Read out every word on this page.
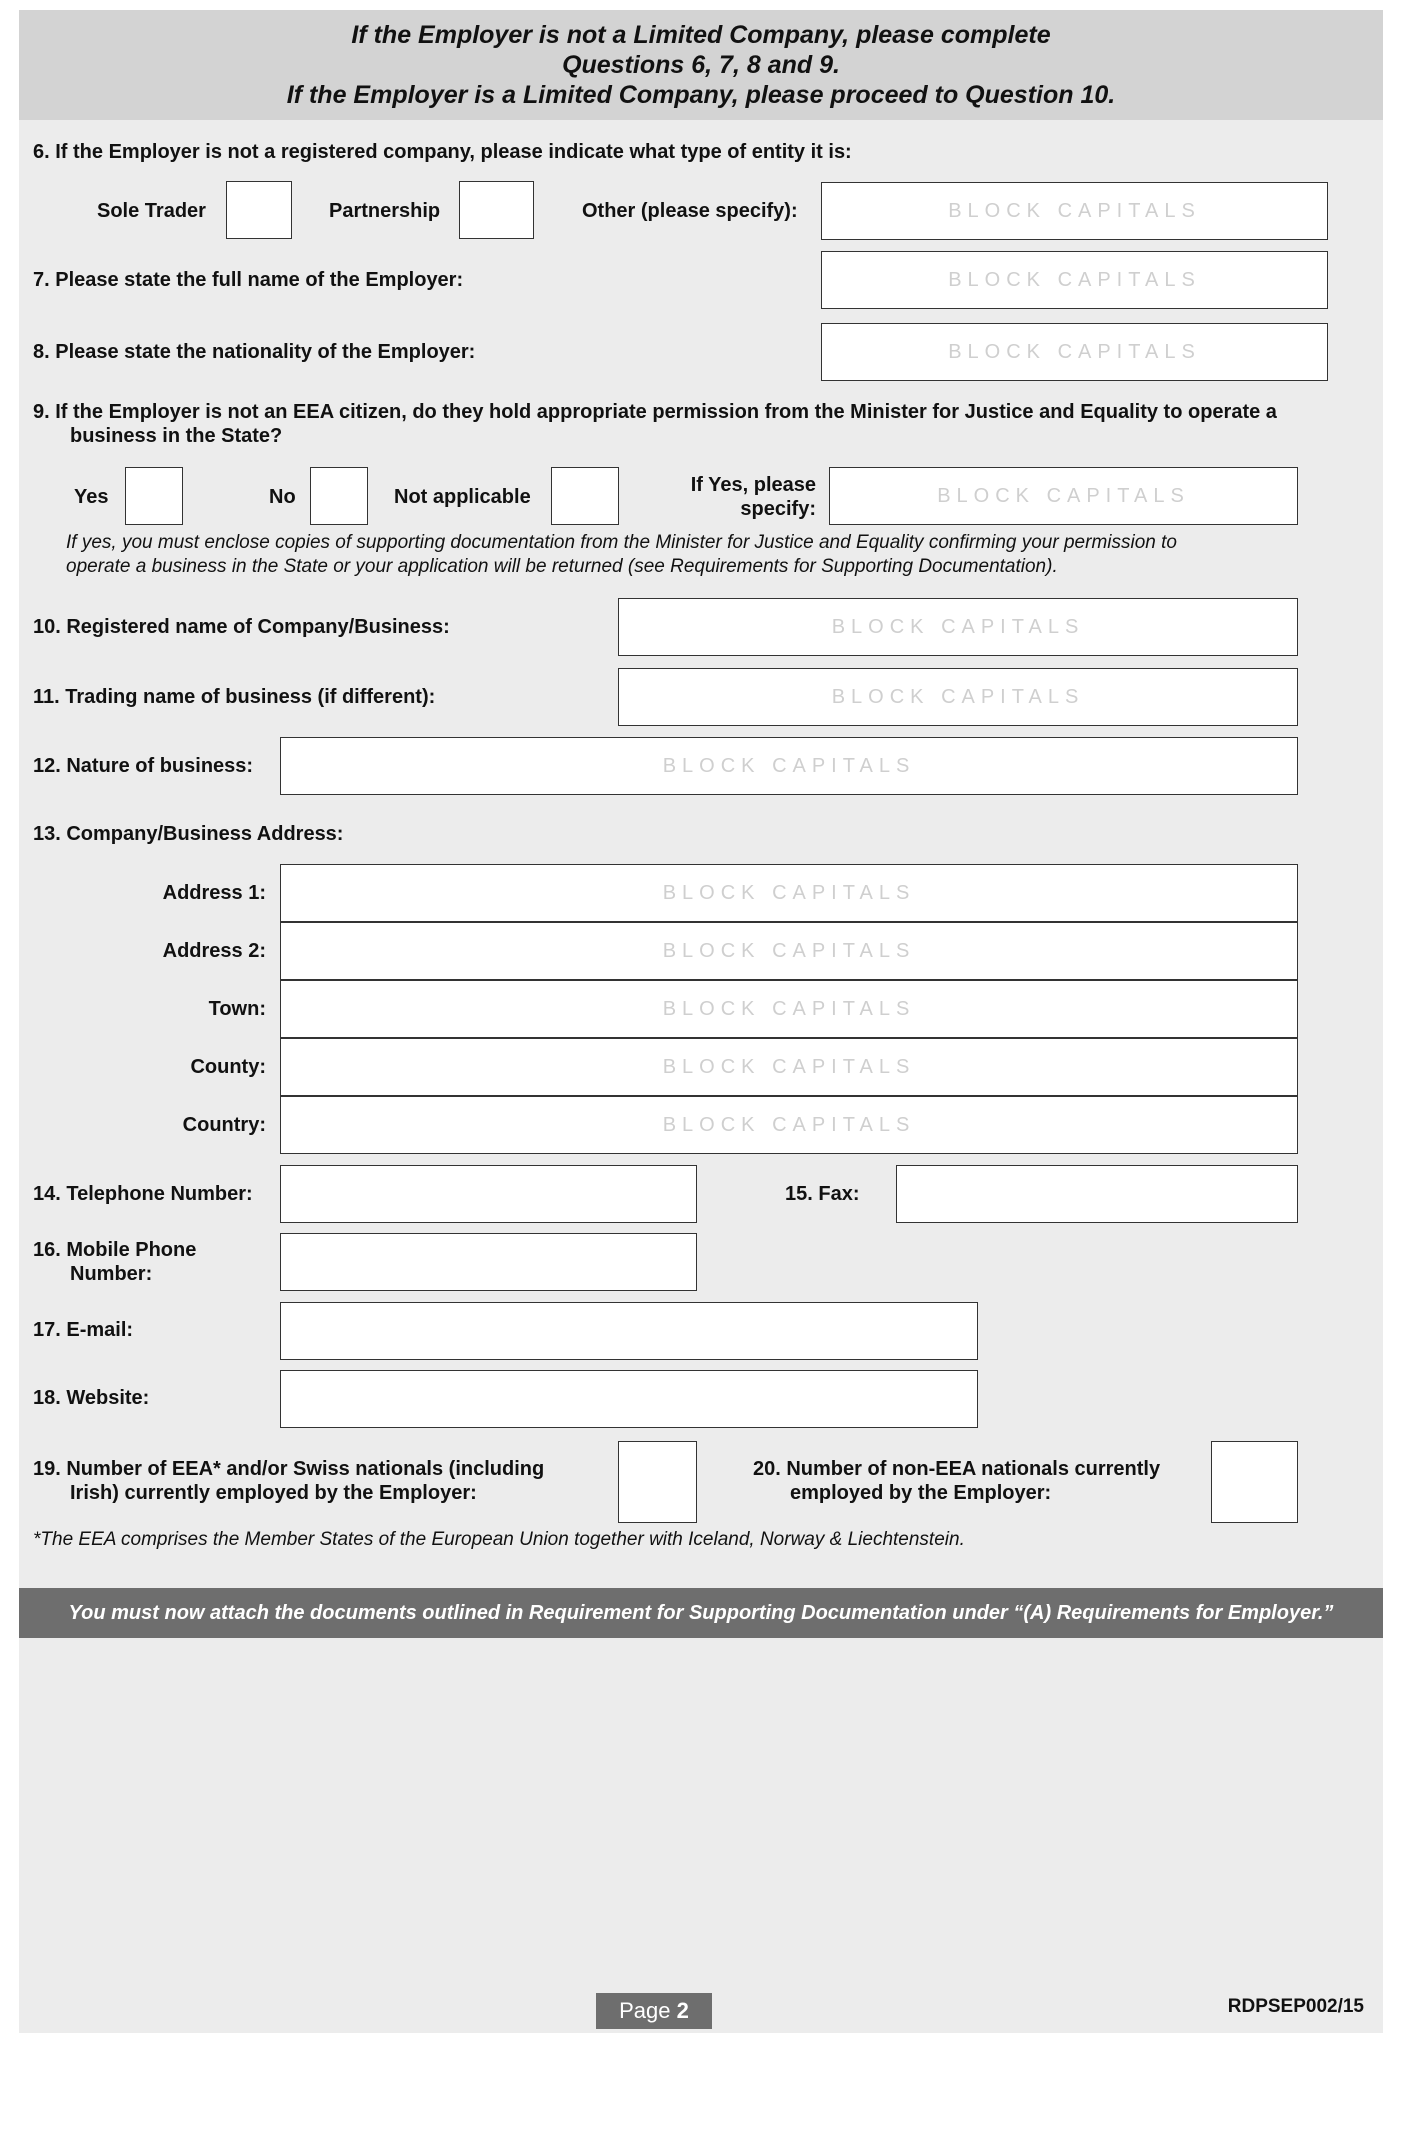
If the Employer is not a Limited Company, please complete
Questions 6, 7, 8 and 9.
If the Employer is a Limited Company, please proceed to Question 10.
6. If the Employer is not a registered company, please indicate what type of entity it is:
Sole Trader	Partnership	Other (please specify):	BLOCK CAPITALS
7. Please state the full name of the Employer:	BLOCK CAPITALS
8. Please state the nationality of the Employer:	BLOCK CAPITALS
9. If the Employer is not an EEA citizen, do they hold appropriate permission from the Minister for Justice and Equality to operate a
business in the State?
Yes	No	Not applicable
If Yes, please
specify:
BLOCK CAPITALS
If yes, you must enclose copies of supporting documentation from the Minister for Justice and Equality confirming your permission to
operate a business in the State or your application will be returned (see Requirements for Supporting Documentation).
10. Registered name of Company/Business:	BLOCK CAPITALS
11. Trading name of business (if different):	BLOCK CAPITALS
12. Nature of business:	BLOCK CAPITALS
13. Company/Business Address:
Address 1:	BLOCK CAPITALS
Address 2:	BLOCK CAPITALS
Town:	BLOCK CAPITALS
County:	BLOCK CAPITALS
Country:	BLOCK CAPITALS
14. Telephone Number:	15. Fax:
16. Mobile Phone
Number:
17. E-mail:
18. Website:
19. Number of EEA* and/or Swiss nationals (including
Irish) currently employed by the Employer:
20. Number of non-EEA nationals currently
employed by the Employer:
*The EEA comprises the Member States of the European Union together with Iceland, Norway & Liechtenstein.
You must now attach the documents outlined in Requirement for Supporting Documentation under “(A) Requirements for Employer.”
Page 2	RDPSEP002/15
